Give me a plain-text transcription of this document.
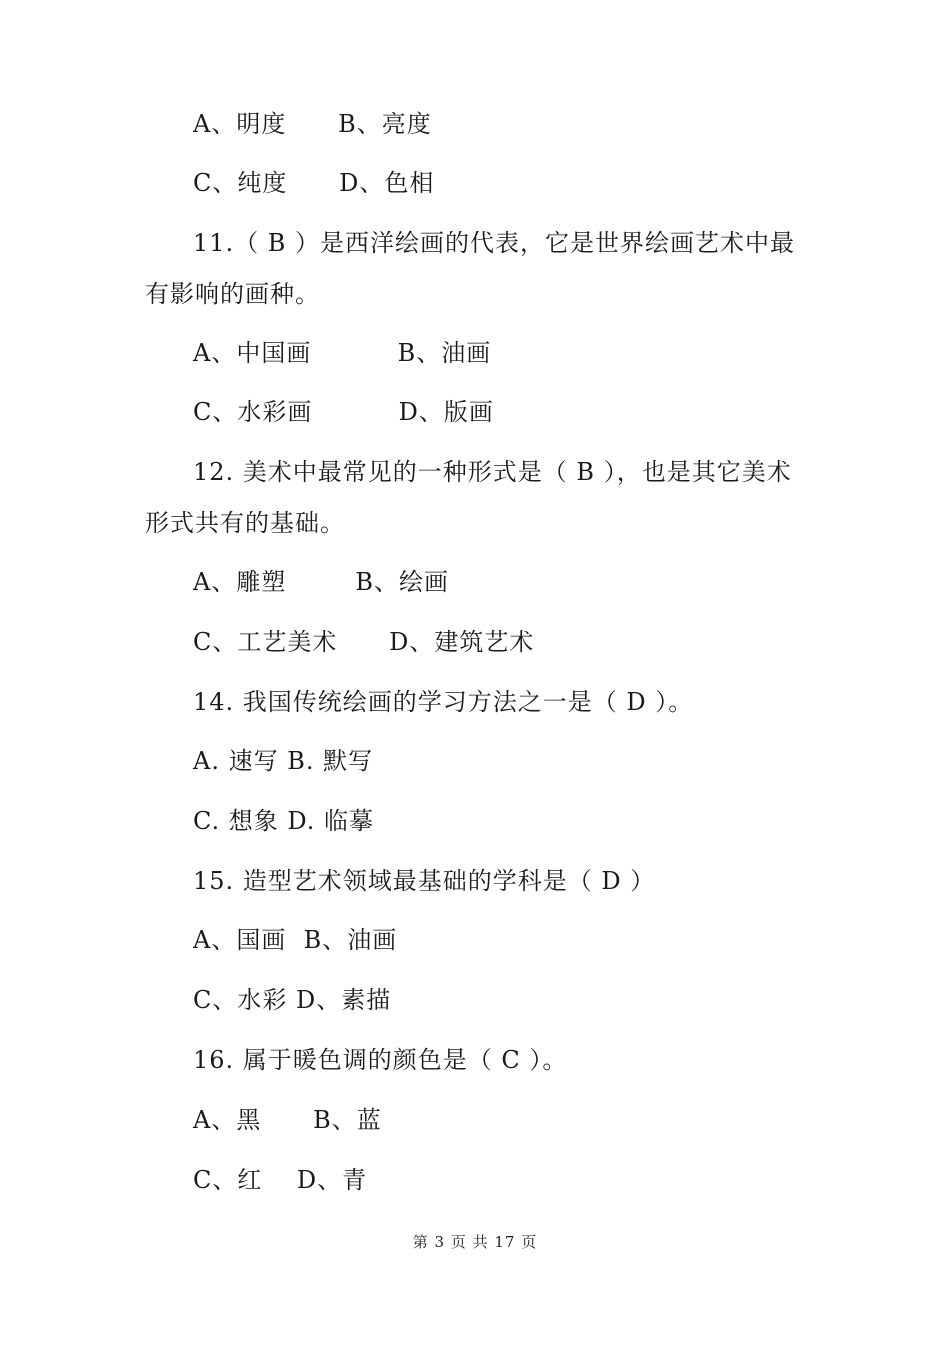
A、明度      B、亮度
C、纯度      D、色相
11.（ B ）是西洋绘画的代表，它是世界绘画艺术中最
有影响的画种。
A、中国画          B、油画
C、水彩画          D、版画
12. 美术中最常见的一种形式是（ B ），也是其它美术
形式共有的基础。
A、雕塑        B、绘画
C、工艺美术      D、建筑艺术
14. 我国传统绘画的学习方法之一是（ D ）。
A. 速写 B. 默写
C. 想象 D. 临摹
15. 造型艺术领域最基础的学科是（ D ）
A、国画  B、油画
C、水彩 D、素描
16. 属于暖色调的颜色是（ C ）。
A、黑      B、蓝
C、红    D、青
第 3 页 共 17 页
